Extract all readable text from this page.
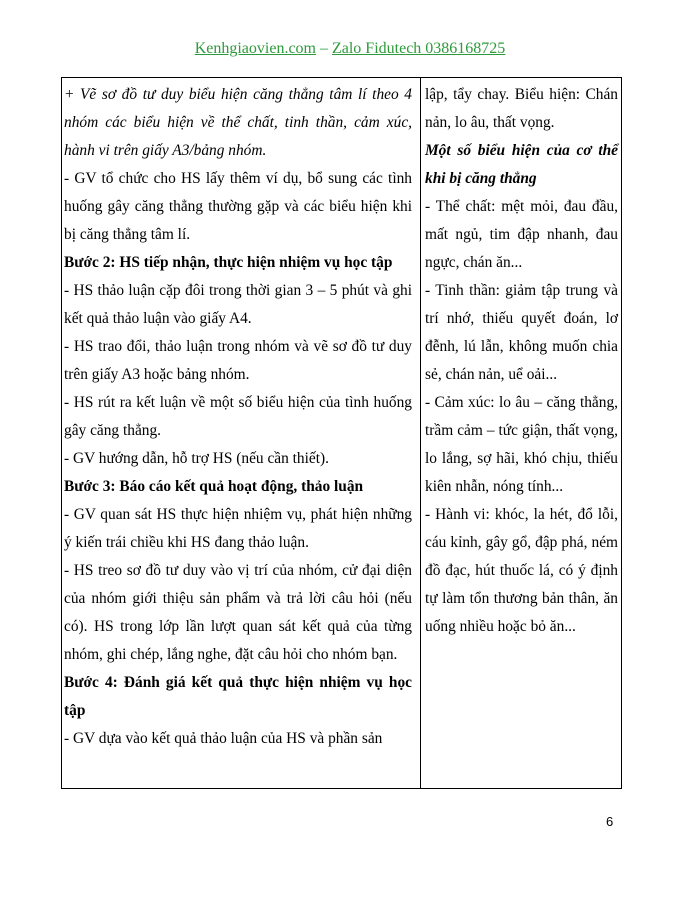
Kenhgiaovien.com – Zalo Fidutech 0386168725

+ Vẽ sơ đồ tư duy biểu hiện căng thẳng tâm lí theo 4 nhóm các biểu hiện về thể chất, tinh thần, cảm xúc, hành vi trên giấy A3/bảng nhóm.

- GV tổ chức cho HS lấy thêm ví dụ, bổ sung các tình huống gây căng thẳng thường gặp và các biểu hiện khi bị căng thẳng tâm lí.

Bước 2: HS tiếp nhận, thực hiện nhiệm vụ học tập

- HS thảo luận cặp đôi trong thời gian 3 – 5 phút và ghi kết quả thảo luận vào giấy A4.

- HS trao đổi, thảo luận trong nhóm và vẽ sơ đồ tư duy trên giấy A3 hoặc bảng nhóm.

- HS rút ra kết luận về một số biểu hiện của tình huống gây căng thẳng.

- GV hướng dẫn, hỗ trợ HS (nếu cần thiết).

Bước 3: Báo cáo kết quả hoạt động, thảo luận

- GV quan sát HS thực hiện nhiệm vụ, phát hiện những ý kiến trái chiều khi HS đang thảo luận.

- HS treo sơ đồ tư duy vào vị trí của nhóm, cử đại diện của nhóm giới thiệu sản phẩm và trả lời câu hỏi (nếu có). HS trong lớp lần lượt quan sát kết quả của từng nhóm, ghi chép, lắng nghe, đặt câu hỏi cho nhóm bạn.

Bước 4: Đánh giá kết quả thực hiện nhiệm vụ học tập

- GV dựa vào kết quả thảo luận của HS và phần sản

lập, tẩy chay. Biểu hiện: Chán nản, lo âu, thất vọng.

Một số biểu hiện của cơ thể khi bị căng thẳng

- Thể chất: mệt mỏi, đau đầu, mất ngủ, tim đập nhanh, đau ngực, chán ăn...

- Tinh thần: giảm tập trung và trí nhớ, thiếu quyết đoán, lơ đễnh, lú lẫn, không muốn chia sẻ, chán nản, uể oải...

- Cảm xúc: lo âu – căng thẳng, trầm cảm – tức giận, thất vọng, lo lắng, sợ hãi, khó chịu, thiếu kiên nhẫn, nóng tính...

- Hành vi: khóc, la hét, đổ lỗi, cáu kỉnh, gây gổ, đập phá, ném đồ đạc, hút thuốc lá, có ý định tự làm tổn thương bản thân, ăn uống nhiều hoặc bỏ ăn...

6
